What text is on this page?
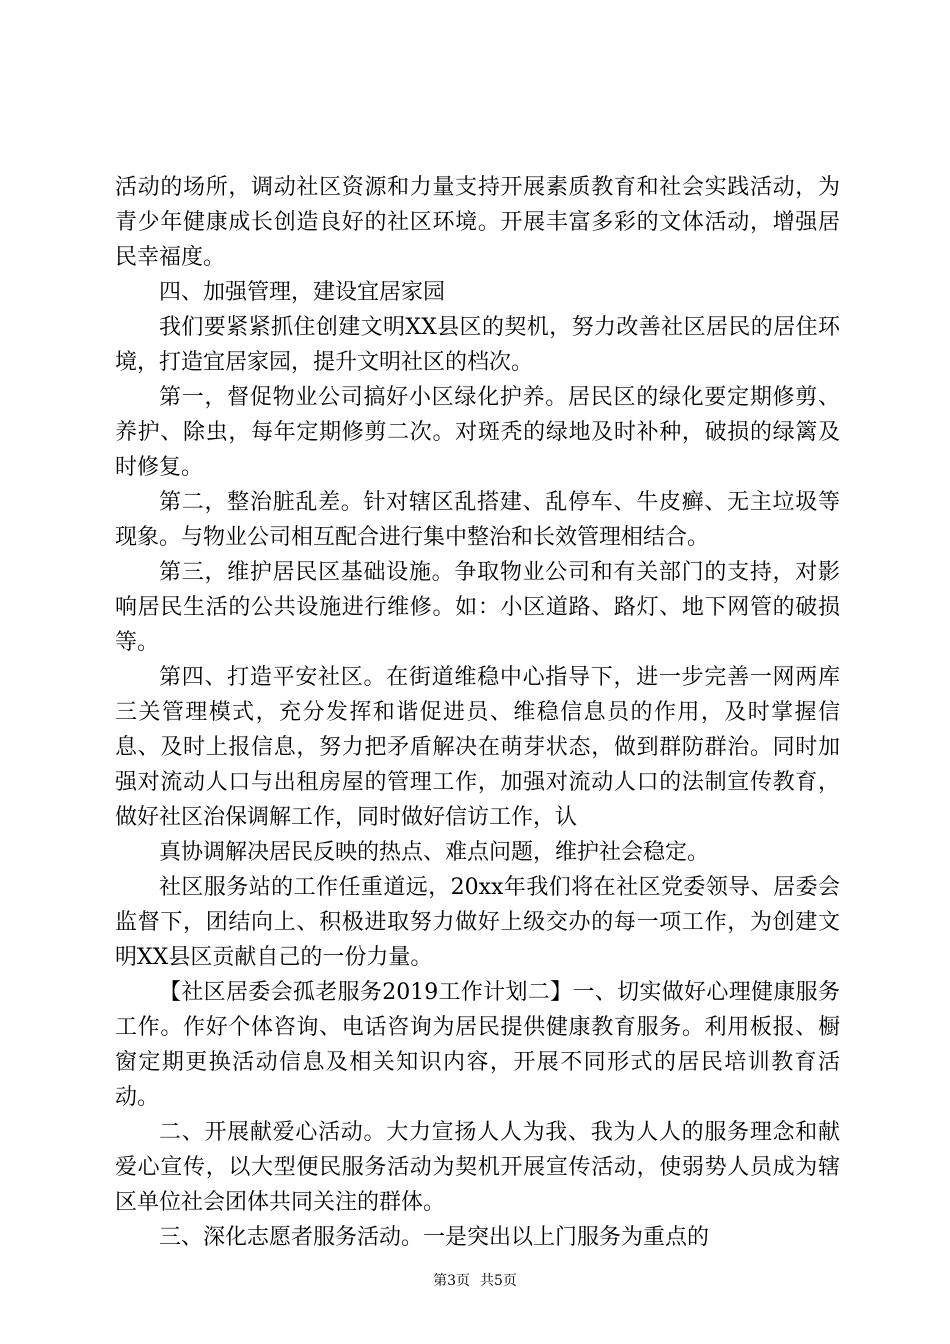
活动的场所，调动社区资源和力量支持开展素质教育和社会实践活动，为青少年健康成长创造良好的社区环境。开展丰富多彩的文体活动，增强居民幸福度。

四、加强管理，建设宜居家园

我们要紧紧抓住创建文明XX县区的契机，努力改善社区居民的居住环境，打造宜居家园，提升文明社区的档次。

第一，督促物业公司搞好小区绿化护养。居民区的绿化要定期修剪、养护、除虫，每年定期修剪二次。对斑秃的绿地及时补种，破损的绿篱及时修复。

第二，整治脏乱差。针对辖区乱搭建、乱停车、牛皮癣、无主垃圾等现象。与物业公司相互配合进行集中整治和长效管理相结合。

第三，维护居民区基础设施。争取物业公司和有关部门的支持，对影响居民生活的公共设施进行维修。如：小区道路、路灯、地下网管的破损等。

第四、打造平安社区。在街道维稳中心指导下，进一步完善一网两库三关管理模式，充分发挥和谐促进员、维稳信息员的作用，及时掌握信息、及时上报信息，努力把矛盾解决在萌芽状态，做到群防群治。同时加强对流动人口与出租房屋的管理工作，加强对流动人口的法制宣传教育，做好社区治保调解工作，同时做好信访工作，认

真协调解决居民反映的热点、难点问题，维护社会稳定。

社区服务站的工作任重道远，20xx年我们将在社区党委领导、居委会监督下，团结向上、积极进取努力做好上级交办的每一项工作，为创建文明XX县区贡献自己的一份力量。

【社区居委会孤老服务2019工作计划二】一、切实做好心理健康服务工作。作好个体咨询、电话咨询为居民提供健康教育服务。利用板报、橱窗定期更换活动信息及相关知识内容，开展不同形式的居民培训教育活动。

二、开展献爱心活动。大力宣扬人人为我、我为人人的服务理念和献爱心宣传，以大型便民服务活动为契机开展宣传活动，使弱势人员成为辖区单位社会团体共同关注的群体。

三、深化志愿者服务活动。一是突出以上门服务为重点的

第3页 共5页
